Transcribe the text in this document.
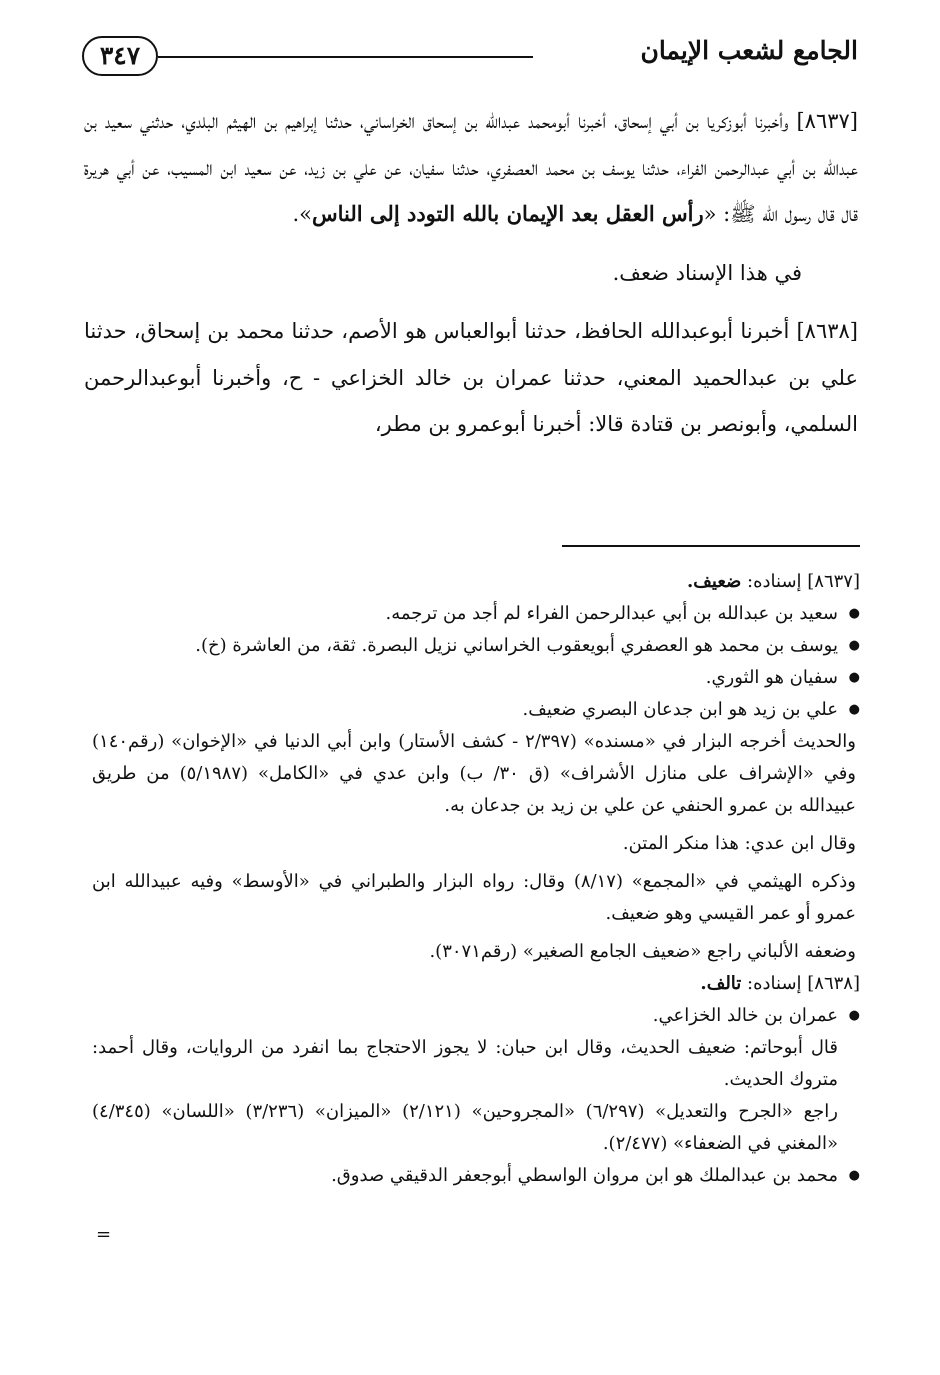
٣٤٧	الجامع لشعب الإيمان

[٨٦٣٧] وأخبرنا أبوزكريا بن أبي إسحاق، أخبرنا أبومحمد عبدالله بن إسحاق الخراساني، حدثنا إبراهيم بن الهيثم البلدي، حدثني سعيد بن عبدالله بن أبي عبدالرحمن الفراء، حدثنا يوسف بن محمد العصفري، حدثنا سفيان، عن علي بن زيد، عن سعيد ابن المسيب، عن أبي هريرة قال قال رسول الله ﷺ: «رأس العقل بعد الإيمان بالله التودد إلى الناس».

في هذا الإسناد ضعف.

[٨٦٣٨] أخبرنا أبوعبدالله الحافظ، حدثنا أبوالعباس هو الأصم، حدثنا محمد بن إسحاق، حدثنا علي بن عبدالحميد المعني، حدثنا عمران بن خالد الخزاعي - ح، وأخبرنا أبوعبدالرحمن السلمي، وأبونصر بن قتادة قالا: أخبرنا أبوعمرو بن مطر،

[٨٦٣٧] إسناده: ضعيف.

● سعيد بن عبدالله بن أبي عبدالرحمن الفراء لم أجد من ترجمه.

● يوسف بن محمد هو العصفري أبويعقوب الخراساني نزيل البصرة. ثقة، من العاشرة (خ).

● سفيان هو الثوري.

● علي بن زيد هو ابن جدعان البصري ضعيف.

والحديث أخرجه البزار في «مسنده» (٢/٣٩٧ - كشف الأستار) وابن أبي الدنيا في «الإخوان» (رقم١٤٠) وفي «الإشراف على منازل الأشراف» (ق ٣٠/ ب) وابن عدي في «الكامل» (٥/١٩٨٧) من طريق عبيدالله بن عمرو الحنفي عن علي بن زيد بن جدعان به.

وقال ابن عدي: هذا منكر المتن.

وذكره الهيثمي في «المجمع» (٨/١٧) وقال: رواه البزار والطبراني في «الأوسط» وفيه عبيدالله ابن عمرو أو عمر القيسي وهو ضعيف.

وضعفه الألباني راجع «ضعيف الجامع الصغير» (رقم٣٠٧١).

[٨٦٣٨] إسناده: تالف.

● عمران بن خالد الخزاعي.

قال أبوحاتم: ضعيف الحديث، وقال ابن حبان: لا يجوز الاحتجاج بما انفرد من الروايات، وقال أحمد: متروك الحديث.

راجع «الجرح والتعديل» (٦/٢٩٧) «المجروحين» (٢/١٢١) «الميزان» (٣/٢٣٦) «اللسان» (٤/٣٤٥) «المغني في الضعفاء» (٢/٤٧٧).

● محمد بن عبدالملك هو ابن مروان الواسطي أبوجعفر الدقيقي صدوق.

=
